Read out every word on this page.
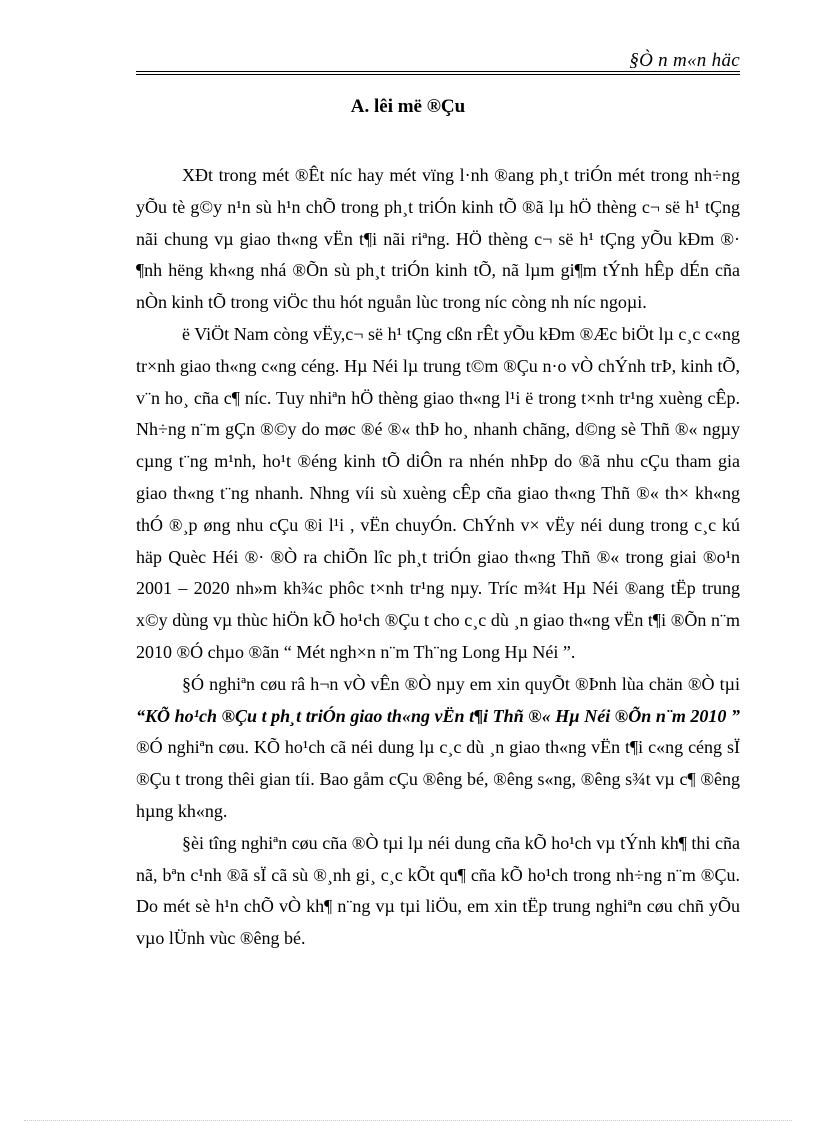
§Ò n m«n häc
A. lêi më ®Çu

XÐt trong mét ®Êt níc hay mét vïng l·nh ®ang ph¸t triÓn mét trong nh÷ng yÕu tè g©y n¹n sù h¹n chÕ trong ph¸t triÓn kinh tÕ ®ã lµ hÖ thèng c¬ së h¹ tÇng nãi chung vµ giao th«ng vËn t¶i nãi riªng. HÖ thèng c¬ së h¹ tÇng yÕu kÐm ®· ¶nh hëng kh«ng nhá ®Õn sù ph¸t triÓn kinh tÕ, nã lµm gi¶m tÝnh hÊp dÉn cña nÒn kinh tÕ trong viÖc thu hót nguån lùc trong níc còng nh níc ngoµi.

ë ViÖt Nam còng vËy,c¬ së h¹ tÇng cßn rÊt yÕu kÐm ®Æc biÖt lµ c¸c c«ng tr×nh giao th«ng c«ng céng. Hµ Néi lµ trung t©m ®Çu n·o vÒ chÝnh trÞ, kinh tÕ, v¨n ho¸ cña c¶ níc. Tuy nhiªn hÖ thèng giao th«ng l¹i ë trong t×nh tr¹ng xuèng cÊp. Nh÷ng n¨m gÇn ®©y do møc ®é ®« thÞ ho¸ nhanh chãng, d©ng sè Thñ ®« ngµy cµng t¨ng m¹nh, ho¹t ®éng kinh tÕ diÔn ra nhén nhÞp do ®ã nhu cÇu tham gia giao th«ng t¨ng nhanh. Nhng víi sù xuèng cÊp cña giao th«ng Thñ ®« th× kh«ng thÓ ®¸p øng nhu cÇu ®i l¹i , vËn chuyÓn. ChÝnh v× vËy néi dung trong c¸c kú häp Quèc Héi ®· ®Ò ra chiÕn lîc ph¸t triÓn giao th«ng Thñ ®« trong giai ®o¹n 2001 – 2020 nh»m kh¾c phôc t×nh tr¹ng nµy. Tríc m¾t Hµ Néi ®ang tËp trung x©y dùng vµ thùc hiÖn kÕ ho¹ch ®Çu t cho c¸c dù ¸n giao th«ng vËn t¶i ®Õn n¨m 2010 ®Ó chµo ®ãn “ Mét ngh×n n¨m Th¨ng Long Hµ Néi ”.

§Ó nghiªn cøu râ h¬n vÒ vÊn ®Ò nµy em xin quyÕt ®Þnh lùa chän ®Ò tµi “KÕ ho¹ch ®Çu t ph¸t triÓn giao th«ng vËn t¶i Thñ ®« Hµ Néi ®Õn n¨m 2010 ” ®Ó nghiªn cøu. KÕ ho¹ch cã néi dung lµ c¸c dù ¸n giao th«ng vËn t¶i c«ng céng sÏ ®Çu t trong thêi gian tíi. Bao gåm cÇu ®êng bé, ®êng s«ng, ®êng s¾t vµ c¶ ®êng hµng kh«ng.

§èi tîng nghiªn cøu cña ®Ò tµi lµ néi dung cña kÕ ho¹ch vµ tÝnh kh¶ thi cña nã, bªn c¹nh ®ã sÏ cã sù ®¸nh gi¸ c¸c kÕt qu¶ cña kÕ ho¹ch trong nh÷ng n¨m ®Çu. Do mét sè h¹n chÕ vÒ kh¶ n¨ng vµ tµi liÖu, em xin tËp trung nghiªn cøu chñ yÕu vµo lÜnh vùc ®êng bé.
